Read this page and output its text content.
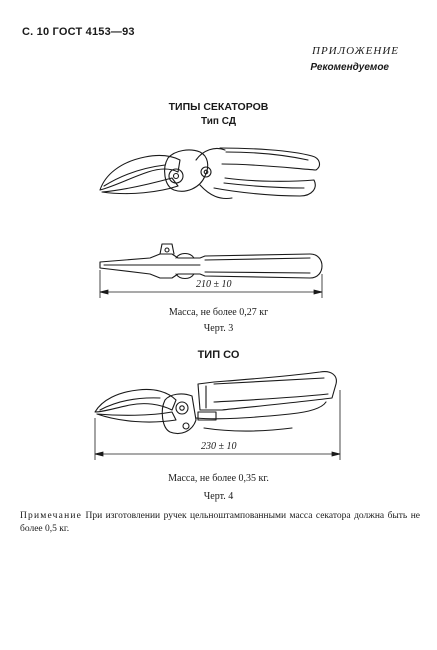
С. 10 ГОСТ 4153—93
ПРИЛОЖЕНИЕ
Рекомендуемое
ТИПЫ СЕКАТОРОВ
Тип СД
210 ± 10
Масса, не более 0,27 кг
Черт. 3
ТИП СО
230 ± 10
Масса, не более 0,35 кг.
Черт. 4
Примечание При изготовлении ручек цельноштампованными масса секатора должна быть не более 0,5 кг.
